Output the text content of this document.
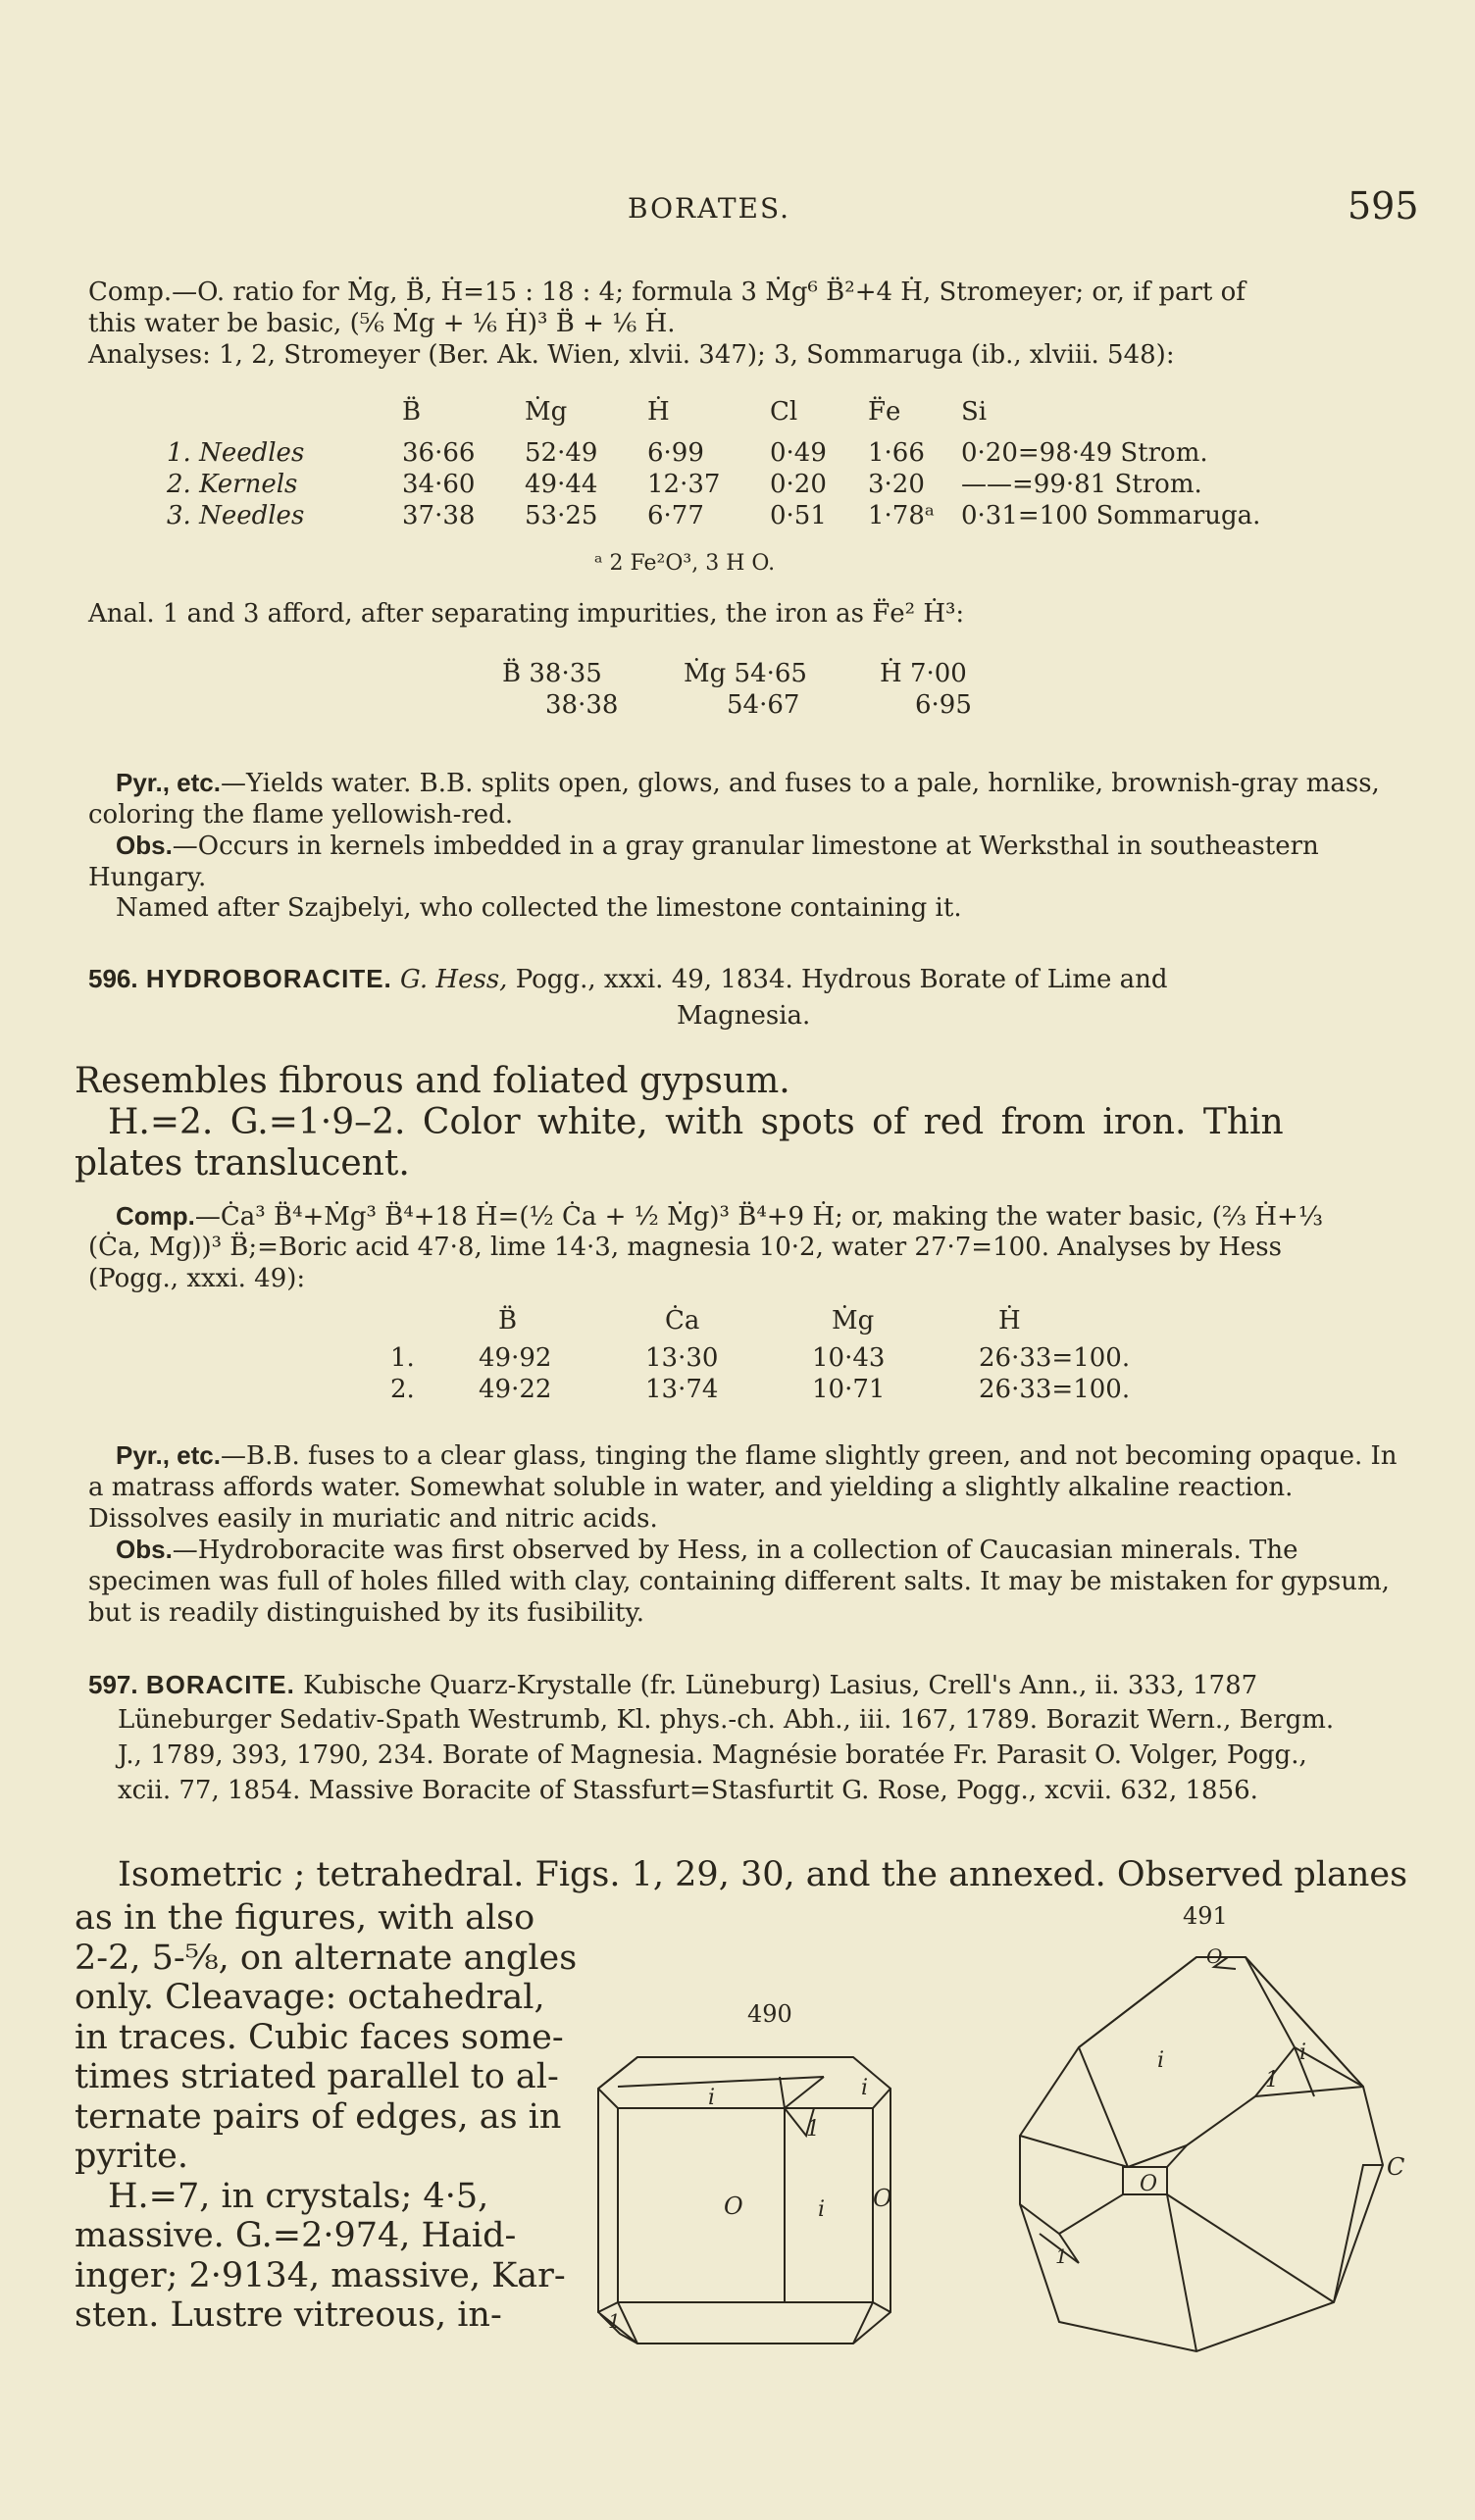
BORATES.	595
Comp.—O. ratio for Ṁg, B̈, Ḣ=15 : 18 : 4; formula 3 Ṁg⁶ B̈²+4 Ḣ, Stromeyer; or, if part of
this water be basic, (⅚ Ṁg + ⅙ Ḣ)³ B̈ + ⅙ Ḣ.
Analyses: 1, 2, Stromeyer (Ber. Ak. Wien, xlvii. 347); 3, Sommaruga (ib., xlviii. 548):
	B̈	Ṁg	Ḣ	Cl	F̈e	Si

1. Needles	36·66	52·49	6·99	0·49	1·66	0·20=98·49 Strom.
2. Kernels	34·60	49·44	12·37	0·20	3·20	——=99·81 Strom.
3. Needles	37·38	53·25	6·77	0·51	1·78ᵃ	0·31=100 Sommaruga.
ᵃ 2 Fe²O³, 3 H O.
Anal. 1 and 3 afford, after separating impurities, the iron as F̈e² Ḣ³:
B̈ 38·35	Ṁg 54·65	Ḣ 7·00
38·38	54·67	6·95
Pyr., etc.—Yields water. B.B. splits open, glows, and fuses to a pale, hornlike, brownish-gray mass, coloring the flame yellowish-red.
Obs.—Occurs in kernels imbedded in a gray granular limestone at Werksthal in southeastern Hungary.
Named after Szajbelyi, who collected the limestone containing it.
596. HYDROBORACITE. G. Hess, Pogg., xxxi. 49, 1834. Hydrous Borate of Lime and
Magnesia.
Resembles fibrous and foliated gypsum.
H.=2. G.=1·9–2. Color white, with spots of red from iron. Thin
plates translucent.
Comp.—Ċa³ B̈⁴+Ṁg³ B̈⁴+18 Ḣ=(½ Ċa + ½ Ṁg)³ B̈⁴+9 Ḣ; or, making the water basic, (⅔ Ḣ+⅓
(Ċa, Mg))³ B̈;=Boric acid 47·8, lime 14·3, magnesia 10·2, water 27·7=100. Analyses by Hess
(Pogg., xxxi. 49):
	B̈	Ċa	Ṁg	Ḣ

1.	49·92	13·30	10·43	26·33=100.
2.	49·22	13·74	10·71	26·33=100.
Pyr., etc.—B.B. fuses to a clear glass, tinging the flame slightly green, and not becoming opaque. In a matrass affords water. Somewhat soluble in water, and yielding a slightly alkaline reaction. Dissolves easily in muriatic and nitric acids.
Obs.—Hydroboracite was first observed by Hess, in a collection of Caucasian minerals. The specimen was full of holes filled with clay, containing different salts. It may be mistaken for gypsum, but is readily distinguished by its fusibility.
597. BORACITE. Kubische Quarz-Krystalle (fr. Lüneburg) Lasius, Crell's Ann., ii. 333, 1787
Lüneburger Sedativ-Spath Westrumb, Kl. phys.-ch. Abh., iii. 167, 1789. Borazit Wern., Bergm.
J., 1789, 393, 1790, 234. Borate of Magnesia. Magnésie boratée Fr. Parasit O. Volger, Pogg.,
xcii. 77, 1854. Massive Boracite of Stassfurt=Stasfurtit G. Rose, Pogg., xcvii. 632, 1856.
Isometric ; tetrahedral. Figs. 1, 29, 30, and the annexed. Observed planes
as in the figures, with also
2-2, 5-⅝, on alternate angles
only. Cleavage: octahedral,
in traces. Cubic faces some-
times striated parallel to al-
ternate pairs of edges, as in
pyrite.
H.=7, in crystals; 4·5,
massive. G.=2·974, Haid-
inger; 2·9134, massive, Kar-
sten. Lustre vitreous, in-
490
i	i
1
O	i O
1
491
O
i	i
1
O
C
1
